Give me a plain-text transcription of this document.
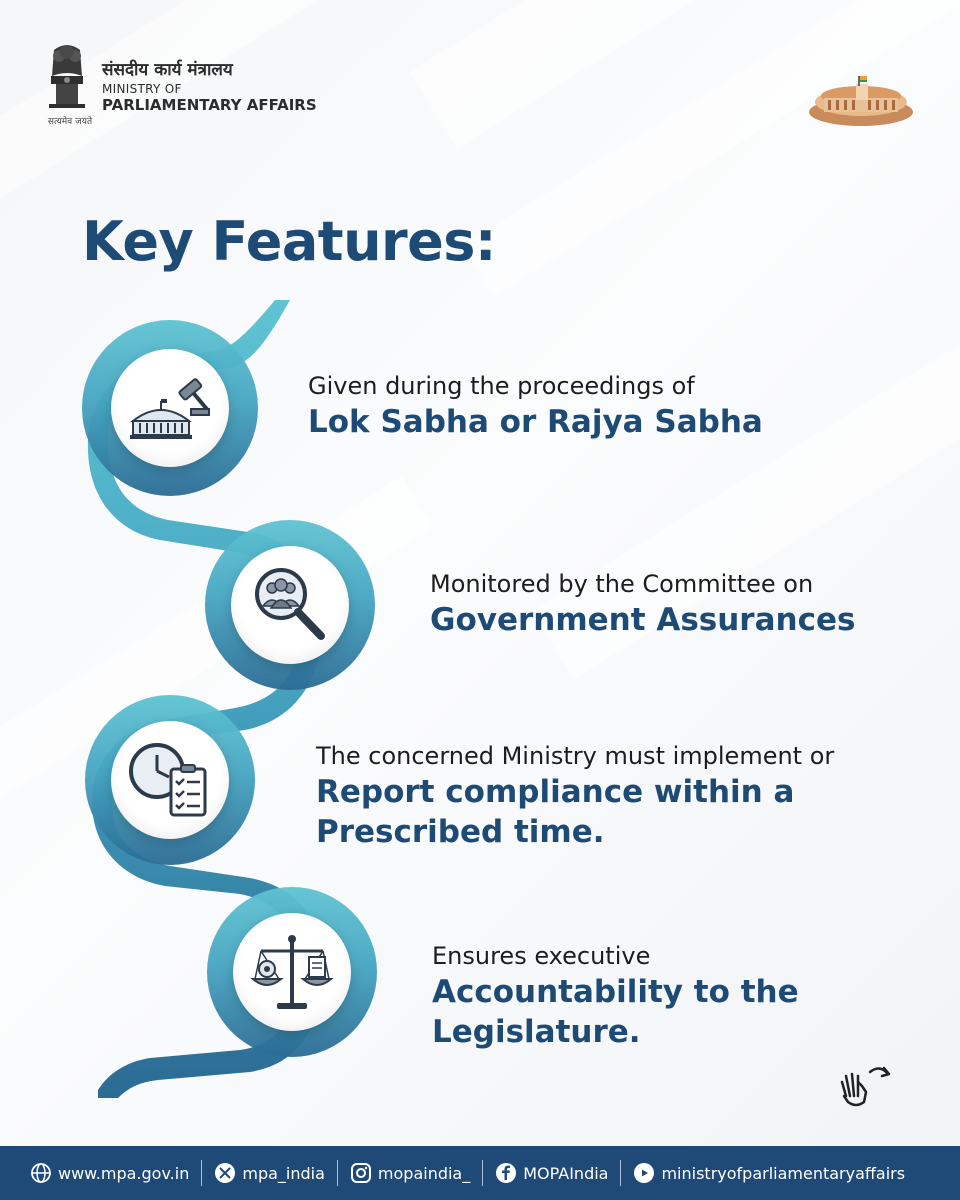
संसदीय कार्य मंत्रालय
MINISTRY OF
PARLIAMENTARY AFFAIRS
सत्यमेव जयते
Key Features:
Given during the proceedings of
Lok Sabha or Rajya Sabha
Monitored by the Committee on
Government Assurances
The concerned Ministry must implement or
Report compliance within a
Prescribed time.
Ensures executive
Accountability to the
Legislature.
www.mpa.gov.in	mpa_india	mopaindia_	MOPAIndia	ministryofparliamentaryaffairs
